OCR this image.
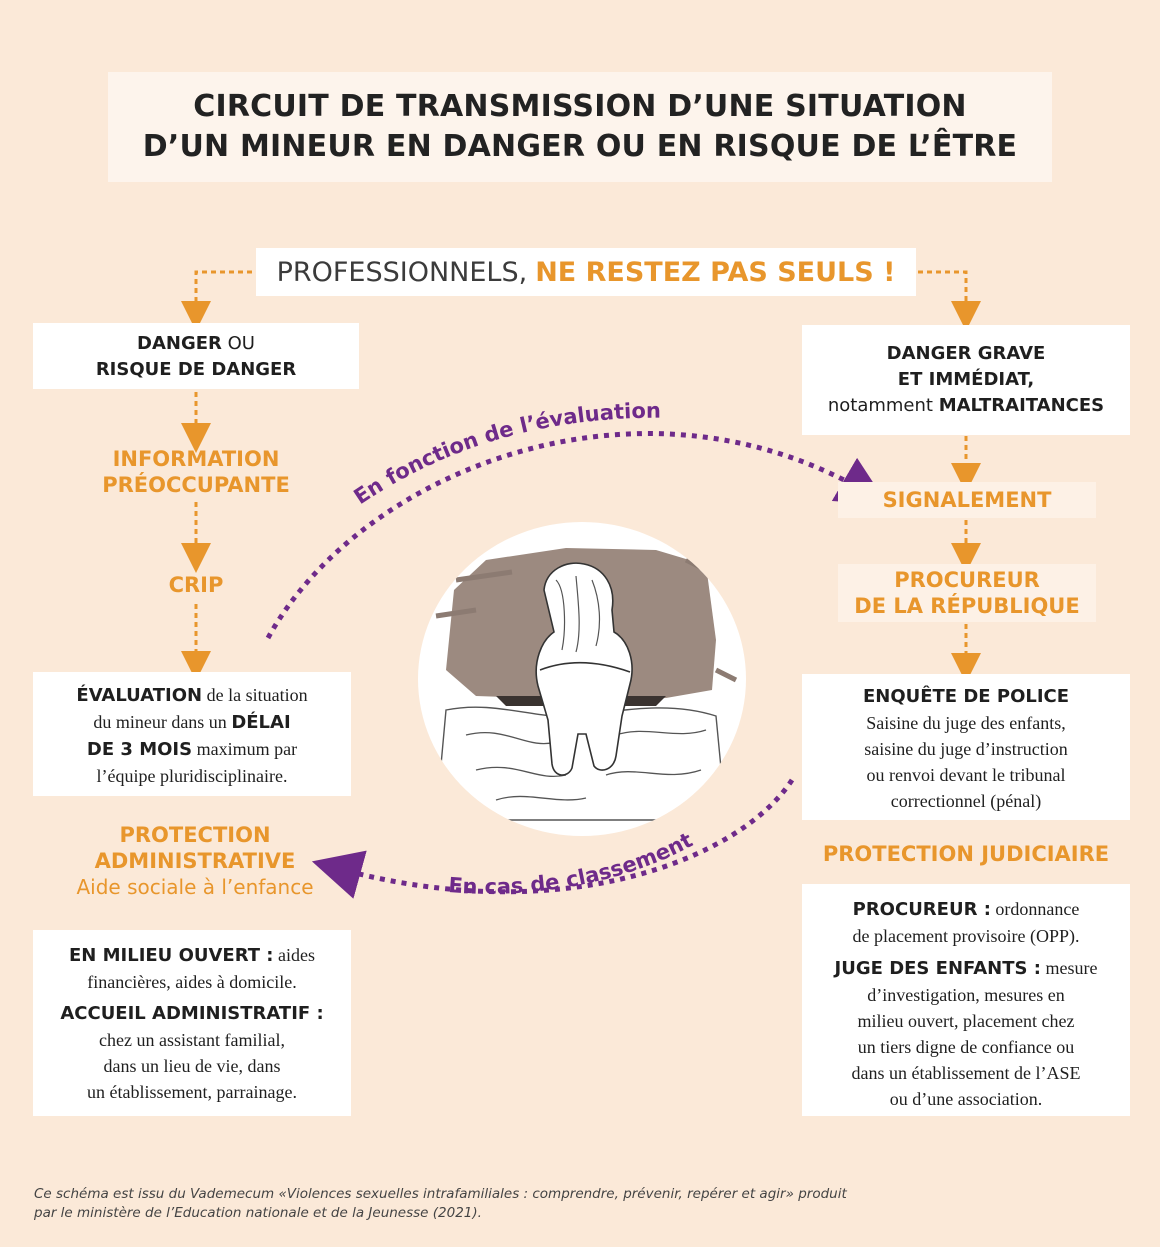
CIRCUIT DE TRANSMISSION D’UNE SITUATION
D’UN MINEUR EN DANGER OU EN RISQUE DE L’ÊTRE
En fonction de l’évaluation
En cas de classement
PROFESSIONNELS, NE RESTEZ PAS SEULS !
DANGER OU
RISQUE DE DANGER
INFORMATION
PRÉOCCUPANTE
CRIP
ÉVALUATION de la situation
du mineur dans un DÉLAI
DE 3 MOIS maximum par
l’équipe pluridisciplinaire.
PROTECTION
ADMINISTRATIVE
Aide sociale à l’enfance
EN MILIEU OUVERT : aides
financières, aides à domicile.
ACCUEIL ADMINISTRATIF :
chez un assistant familial,
dans un lieu de vie, dans
un établissement, parrainage.
DANGER GRAVE
ET IMMÉDIAT,
notamment MALTRAITANCES
SIGNALEMENT
PROCUREUR
DE LA RÉPUBLIQUE
ENQUÊTE DE POLICE
Saisine du juge des enfants,
saisine du juge d’instruction
ou renvoi devant le tribunal
correctionnel (pénal)
PROTECTION JUDICIAIRE
PROCUREUR : ordonnance
de placement provisoire (OPP).
JUGE DES ENFANTS : mesure
d’investigation, mesures en
milieu ouvert, placement chez
un tiers digne de confiance ou
dans un établissement de l’ASE
ou d’une association.
Ce schéma est issu du Vademecum «Violences sexuelles intrafamiliales : comprendre, prévenir, repérer et agir» produit
par le ministère de l’Education nationale et de la Jeunesse (2021).
